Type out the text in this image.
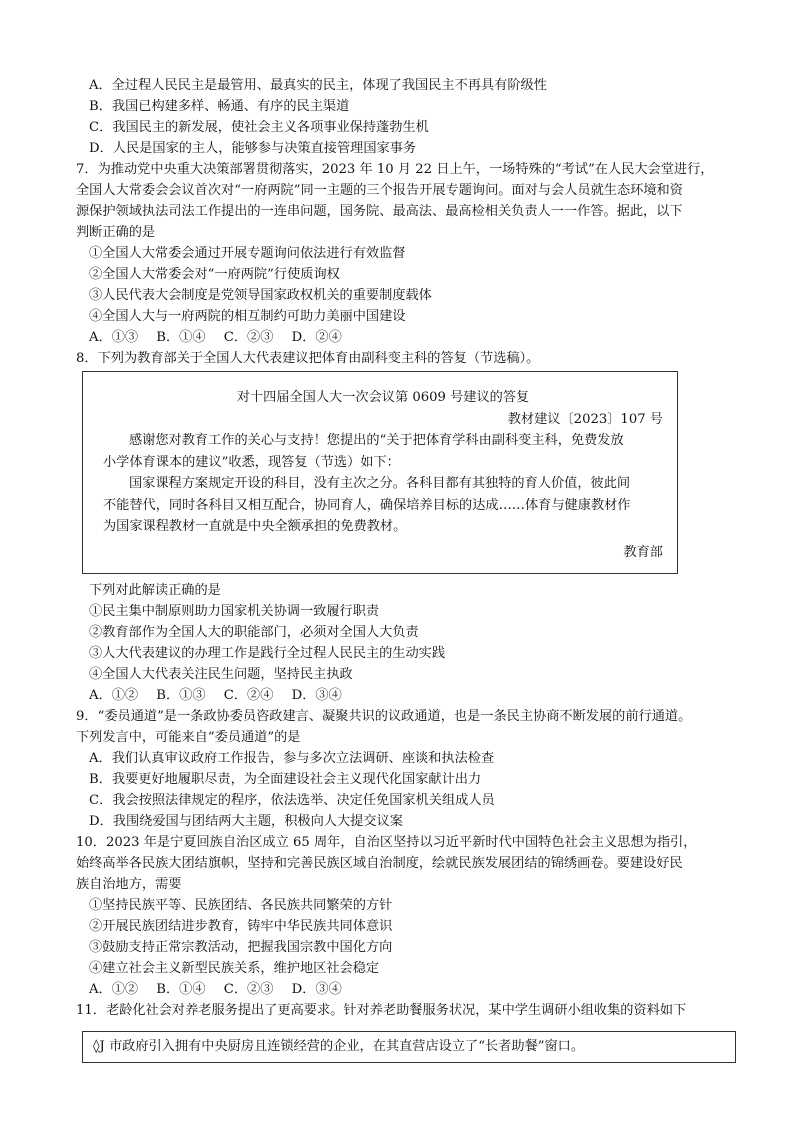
A．全过程人民民主是最管用、最真实的民主，体现了我国民主不再具有阶级性
B．我国已构建多样、畅通、有序的民主渠道
C．我国民主的新发展，使社会主义各项事业保持蓬勃生机
D．人民是国家的主人，能够参与决策直接管理国家事务
7．为推动党中央重大决策部署贯彻落实，2023 年 10 月 22 日上午，一场特殊的“考试”在人民大会堂进行，
全国人大常委会会议首次对“一府两院”同一主题的三个报告开展专题询问。面对与会人员就生态环境和资
源保护领域执法司法工作提出的一连串问题，国务院、最高法、最高检相关负责人一一作答。据此，以下
判断正确的是
①全国人大常委会通过开展专题询问依法进行有效监督
②全国人大常委会对“一府两院”行使质询权
③人民代表大会制度是党领导国家政权机关的重要制度载体
④全国人大与一府两院的相互制约可助力美丽中国建设
A．①③ B．①④ C．②③ D．②④
8．下列为教育部关于全国人大代表建议把体育由副科变主科的答复（节选稿）。
对十四届全国人大一次会议第 0609 号建议的答复
教材建议〔2023〕107 号
感谢您对教育工作的关心与支持！您提出的“关于把体育学科由副科变主科，免费发放
小学体育课本的建议”收悉，现答复（节选）如下：
国家课程方案规定开设的科目，没有主次之分。各科目都有其独特的育人价值，彼此间
不能替代，同时各科目又相互配合，协同育人，确保培养目标的达成……体育与健康教材作
为国家课程教材一直就是中央全额承担的免费教材。
教育部
下列对此解读正确的是
①民主集中制原则助力国家机关协调一致履行职责
②教育部作为全国人大的职能部门，必须对全国人大负责
③人大代表建议的办理工作是践行全过程人民民主的生动实践
④全国人大代表关注民生问题，坚持民主执政
A．①② B．①③ C．②④ D．③④
9．“委员通道”是一条政协委员咨政建言、凝聚共识的议政通道，也是一条民主协商不断发展的前行通道。
下列发言中，可能来自“委员通道”的是
A．我们认真审议政府工作报告，参与多次立法调研、座谈和执法检查
B．我要更好地履职尽责，为全面建设社会主义现代化国家献计出力
C．我会按照法律规定的程序，依法选举、决定任免国家机关组成人员
D．我围绕爱国与团结两大主题，积极向人大提交议案
10．2023 年是宁夏回族自治区成立 65 周年，自治区坚持以习近平新时代中国特色社会主义思想为指引，
始终高举各民族大团结旗帜，坚持和完善民族区域自治制度，绘就民族发展团结的锦绣画卷。要建设好民
族自治地方，需要
①坚持民族平等、民族团结、各民族共同繁荣的方针
②开展民族团结进步教育，铸牢中华民族共同体意识
③鼓励支持正常宗教活动，把握我国宗教中国化方向
④建立社会主义新型民族关系，维护地区社会稳定
A．①② B．①④ C．②③ D．③④
11．老龄化社会对养老服务提出了更高要求。针对养老助餐服务状况，某中学生调研小组收集的资料如下
◊J 市政府引入拥有中央厨房且连锁经营的企业，在其直营店设立了“长者助餐”窗口。
